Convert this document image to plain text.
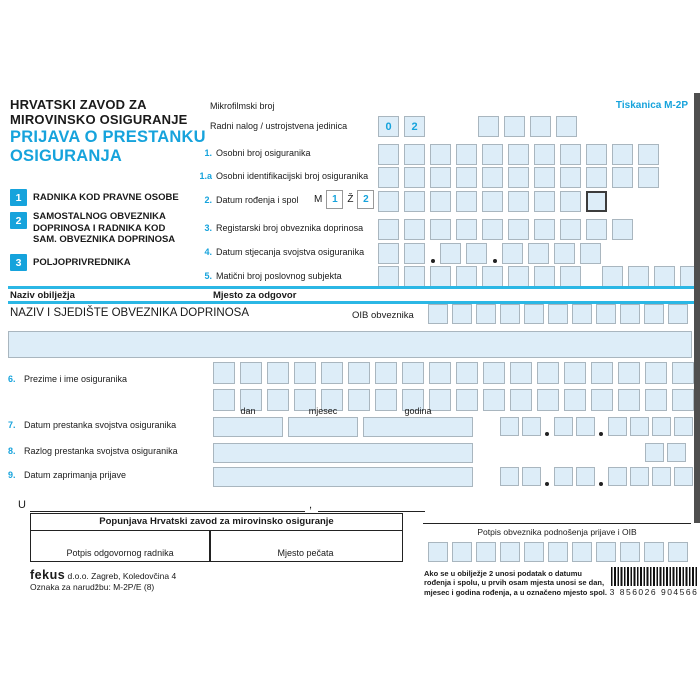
HRVATSKI ZAVOD ZA
MIROVINSKO OSIGURANJE
PRIJAVA O PRESTANKU
OSIGURANJA
Tiskanica M-2P
Mikrofilmski broj
Radni nalog / ustrojstvena jedinica	0	2
1. Osobni broj osiguranika
1.a Osobni identifikacijski broj osiguranika
2. Datum rođenja i spol M 1 Ž 2
3. Registarski broj obveznika doprinosa
4. Datum stjecanja svojstva osiguranika
5. Matični broj poslovnog subjekta
1	RADNIKA KOD PRAVNE OSOBE
2	SAMOSTALNOG OBVEZNIKA
DOPRINOSA I RADNIKA KOD
SAM. OBVEZNIKA DOPRINOSA
3	POLJOPRIVREDNIKA
Naziv obilježja	Mjesto za odgovor
NAZIV I SJEDIŠTE OBVEZNIKA DOPRINOSA	OIB obveznika
6. Prezime i ime osiguranika
dan	mjesec	godina
7. Datum prestanka svojstva osiguranika
8. Razlog prestanka svojstva osiguranika
9. Datum zaprimanja prijave
U	,
Popunjava Hrvatski zavod za mirovinsko osiguranje
Potpis odgovornog radnika	Mjesto pečata
fekus d.o.o. Zagreb, Koledovčina 4
Oznaka za narudžbu: M-2P/E (8)
Potpis obveznika podnošenja prijave i OIB
Ako se u obilježje 2 unosi podatak o datumu rođenja i spolu, u prvih osam mjesta unosi se dan, mjesec i godina rođenja, a u označeno mjesto spol. 3 856026 904566
